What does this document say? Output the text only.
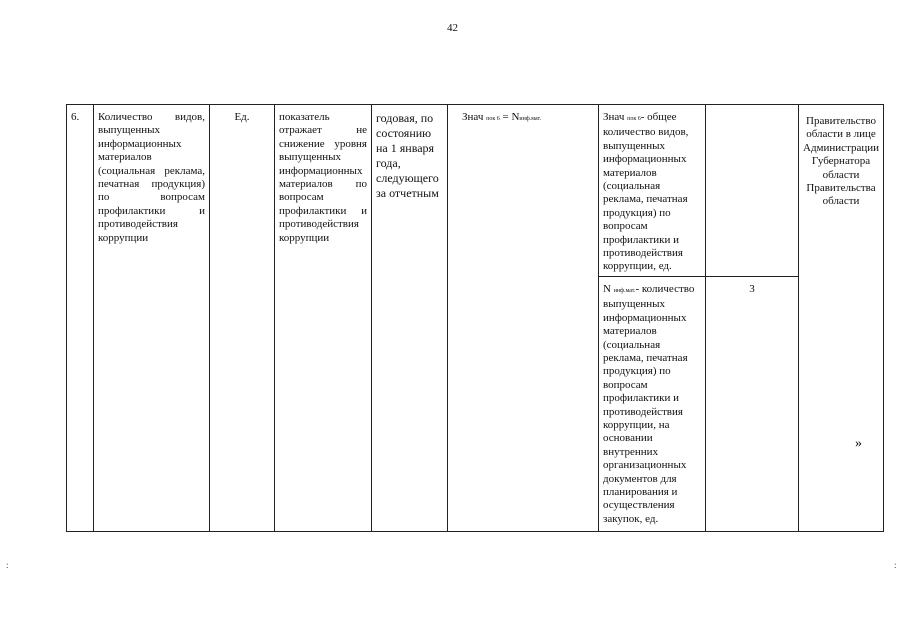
42
6.	Количество видов, выпущенных информационных материалов (социальная реклама, печатная продукция) по вопросам профилактики и противодействия коррупции	Ед.	показатель отражает не снижение уровня выпущенных информационных материалов по вопросам профилактики и противодействия коррупции	годовая, по состоянию на 1 января года, следующего за отчетным	Знач пок 6 = Nинф.мат.	Знач пок 6- общее количество видов, выпущенных информационных материалов (социальная реклама, печатная продукция) по вопросам профилактики и противодействия коррупции, ед.		Правительство области в лице Администрации Губернатора области Правительства области
						N инф.мат.- количество выпущенных информационных материалов (социальная реклама, печатная продукция) по вопросам профилактики и противодействия коррупции, на основании внутренних организационных документов для планирования и осуществления закупок, ед.	3	
»
:	:
